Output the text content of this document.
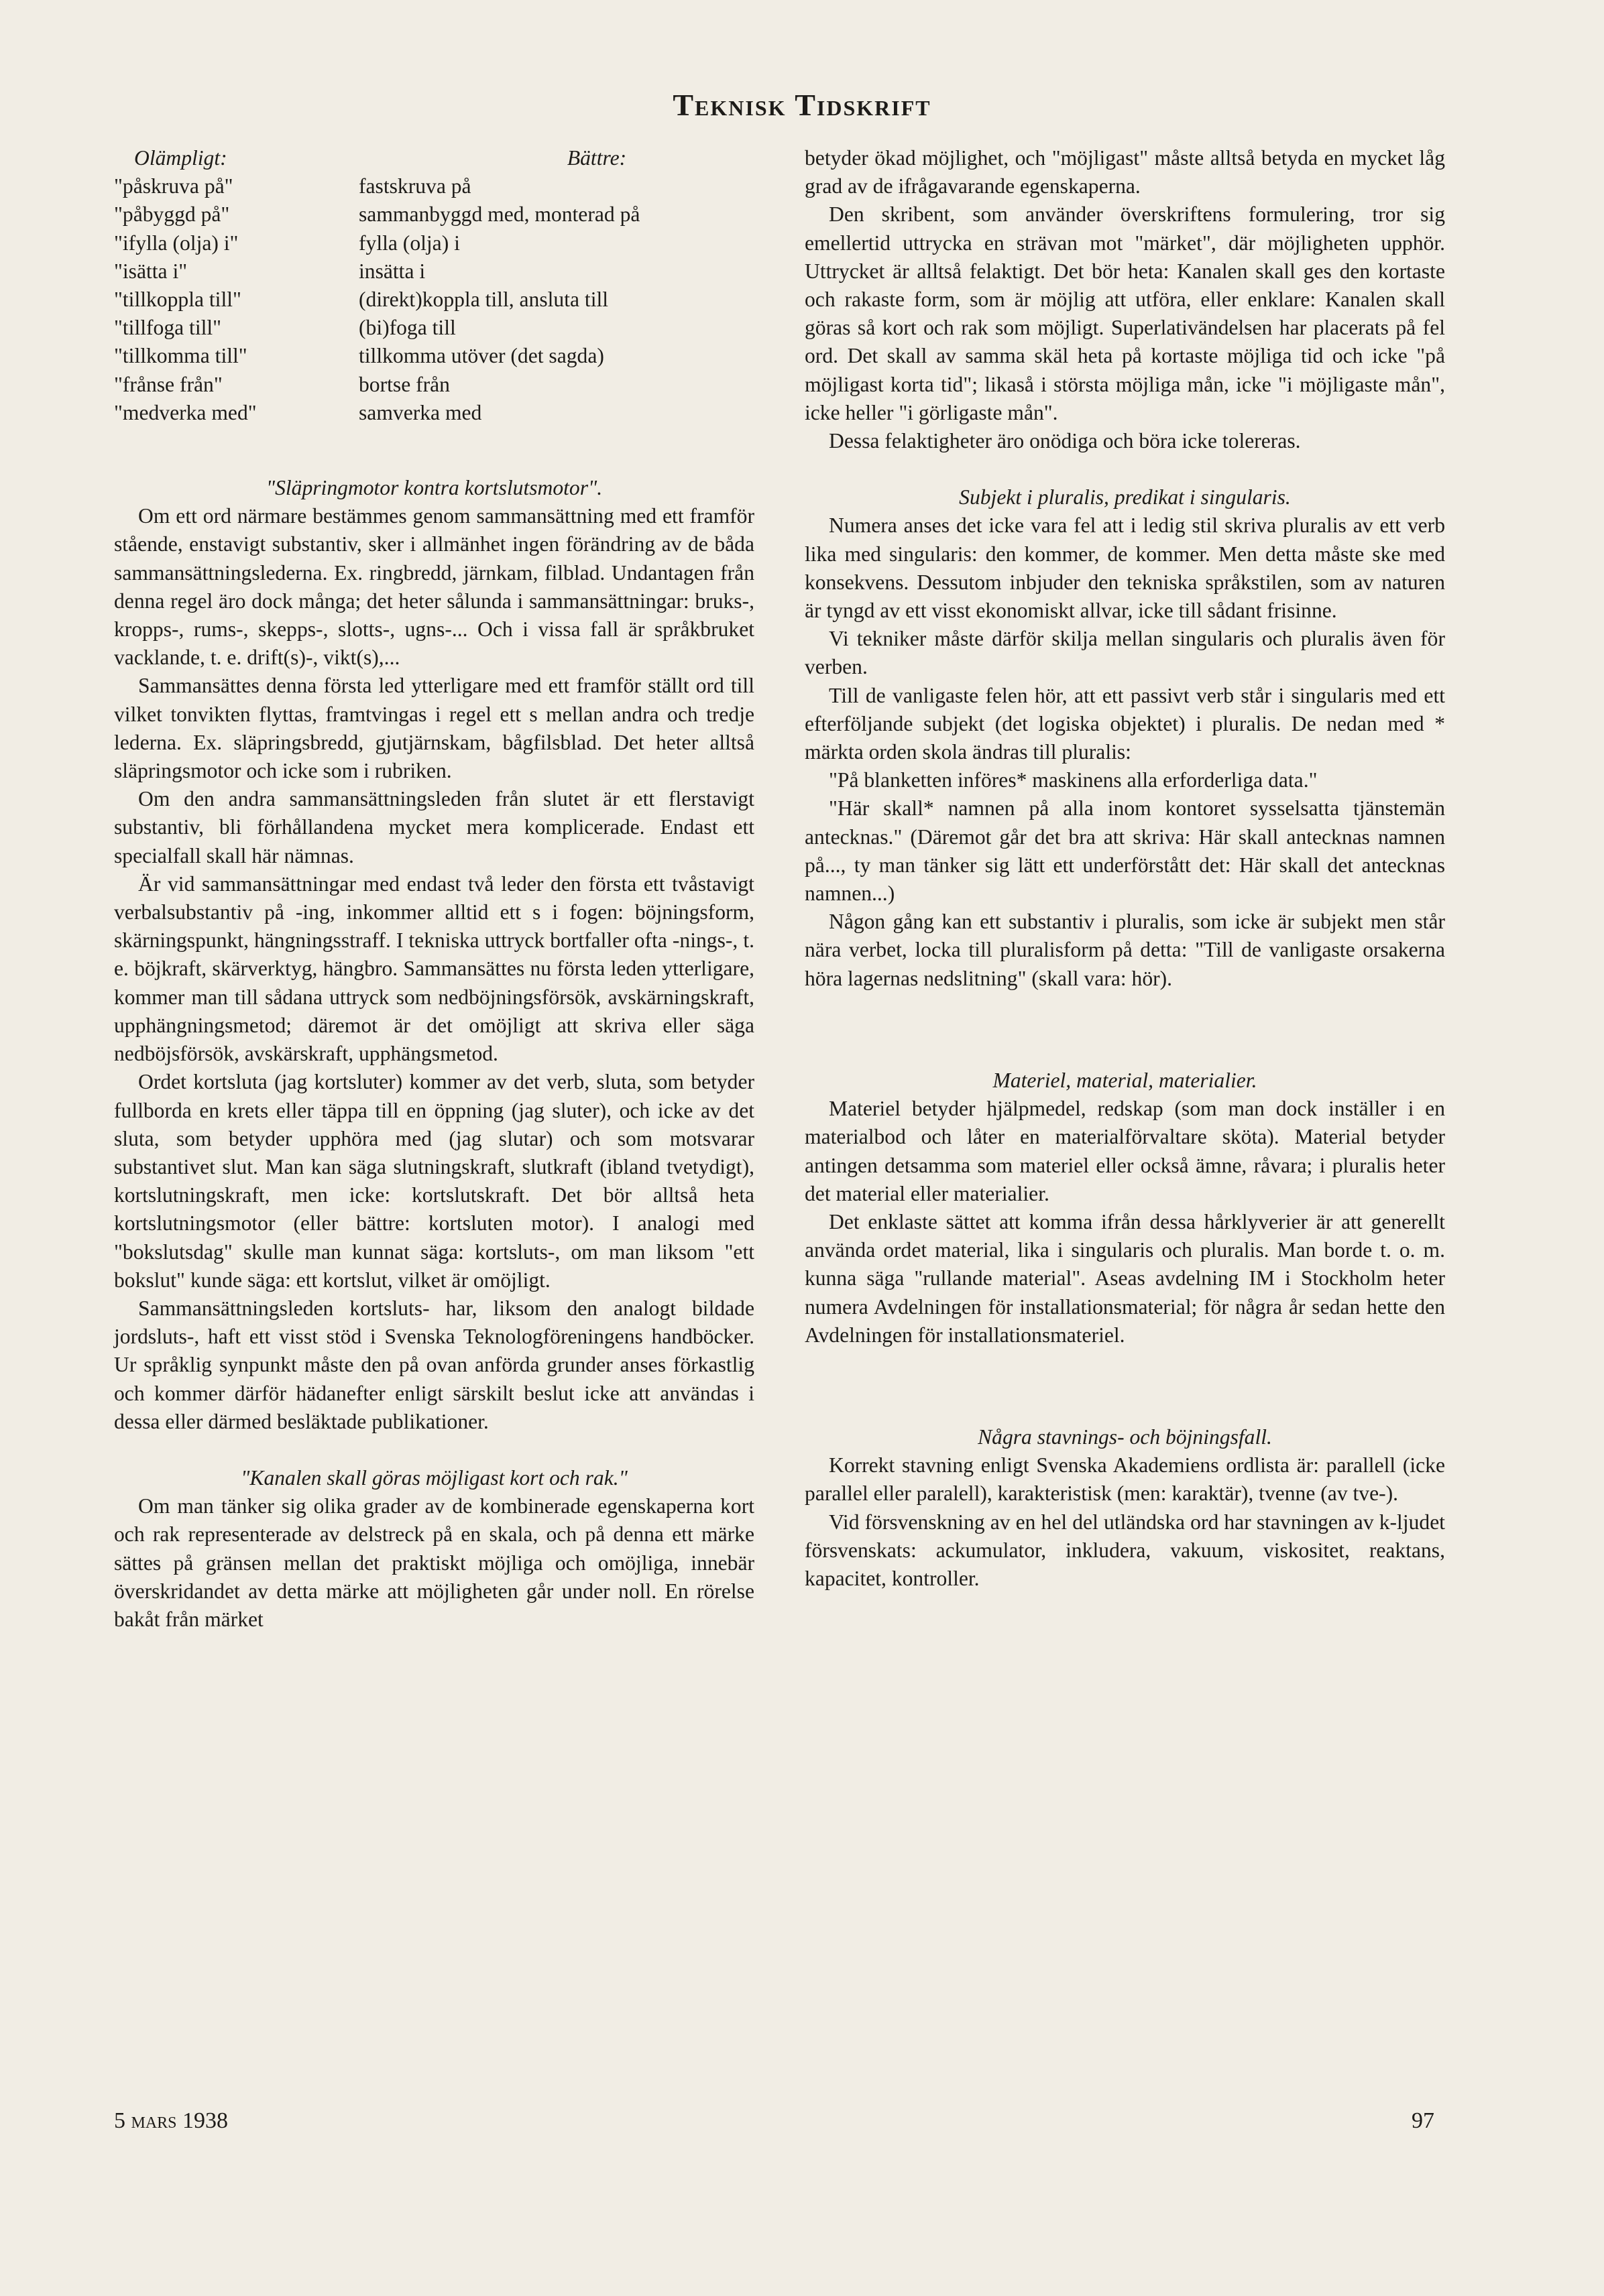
Teknisk Tidskrift
Olämpligt:	Bättre:
"påskruva på"	fastskruva på
"påbyggd på"	sammanbyggd med, monterad på
"ifylla (olja) i"	fylla (olja) i
"isätta i"	insätta i
"tillkoppla till"	(direkt)koppla till, ansluta till
"tillfoga till"	(bi)foga till
"tillkomma till"	tillkomma utöver (det sagda)
"frånse från"	bortse från
"medverka med"	samverka med

"Släpringmotor kontra kortslutsmotor".

Om ett ord närmare bestämmes genom sammansättning med ett framför stående, enstavigt substantiv, sker i allmänhet ingen förändring av de båda sammansättningslederna. Ex. ringbredd, järnkam, filblad. Undantagen från denna regel äro dock många; det heter sålunda i sammansättningar: bruks-, kropps-, rums-, skepps-, slotts-, ugns-... Och i vissa fall är språkbruket vacklande, t. e. drift(s)-, vikt(s),...

Sammansättes denna första led ytterligare med ett framför ställt ord till vilket tonvikten flyttas, framtvingas i regel ett s mellan andra och tredje lederna. Ex. släpringsbredd, gjutjärnskam, bågfilsblad. Det heter alltså släpringsmotor och icke som i rubriken.

Om den andra sammansättningsleden från slutet är ett flerstavigt substantiv, bli förhållandena mycket mera komplicerade. Endast ett specialfall skall här nämnas.

Är vid sammansättningar med endast två leder den första ett tvåstavigt verbalsubstantiv på -ing, inkommer alltid ett s i fogen: böjningsform, skärningspunkt, hängningsstraff. I tekniska uttryck bortfaller ofta -nings-, t. e. böjkraft, skärverktyg, hängbro. Sammansättes nu första leden ytterligare, kommer man till sådana uttryck som nedböjningsförsök, avskärningskraft, upphängningsmetod; däremot är det omöjligt att skriva eller säga nedböjsförsök, avskärskraft, upphängsmetod.

Ordet kortsluta (jag kortsluter) kommer av det verb, sluta, som betyder fullborda en krets eller täppa till en öppning (jag sluter), och icke av det sluta, som betyder upphöra med (jag slutar) och som motsvarar substantivet slut. Man kan säga slutningskraft, slutkraft (ibland tvetydigt), kortslutningskraft, men icke: kortslutskraft. Det bör alltså heta kortslutningsmotor (eller bättre: kortsluten motor). I analogi med "bokslutsdag" skulle man kunnat säga: kortsluts-, om man liksom "ett bokslut" kunde säga: ett kortslut, vilket är omöjligt.

Sammansättningsleden kortsluts- har, liksom den analogt bildade jordsluts-, haft ett visst stöd i Svenska Teknologföreningens handböcker. Ur språklig synpunkt måste den på ovan anförda grunder anses förkastlig och kommer därför hädanefter enligt särskilt beslut icke att användas i dessa eller därmed besläktade publikationer.

"Kanalen skall göras möjligast kort och rak."

Om man tänker sig olika grader av de kombinerade egenskaperna kort och rak representerade av delstreck på en skala, och på denna ett märke sättes på gränsen mellan det praktiskt möjliga och omöjliga, innebär överskridandet av detta märke att möjligheten går under noll. En rörelse bakåt från märket

betyder ökad möjlighet, och "möjligast" måste alltså betyda en mycket låg grad av de ifrågavarande egenskaperna.

Den skribent, som använder överskriftens formulering, tror sig emellertid uttrycka en strävan mot "märket", där möjligheten upphör. Uttrycket är alltså felaktigt. Det bör heta: Kanalen skall ges den kortaste och rakaste form, som är möjlig att utföra, eller enklare: Kanalen skall göras så kort och rak som möjligt. Superlativändelsen har placerats på fel ord. Det skall av samma skäl heta på kortaste möjliga tid och icke "på möjligast korta tid"; likaså i största möjliga mån, icke "i möjligaste mån", icke heller "i görligaste mån".

Dessa felaktigheter äro onödiga och böra icke tolereras.

Subjekt i pluralis, predikat i singularis.

Numera anses det icke vara fel att i ledig stil skriva pluralis av ett verb lika med singularis: den kommer, de kommer. Men detta måste ske med konsekvens. Dessutom inbjuder den tekniska språkstilen, som av naturen är tyngd av ett visst ekonomiskt allvar, icke till sådant frisinne.

Vi tekniker måste därför skilja mellan singularis och pluralis även för verben.

Till de vanligaste felen hör, att ett passivt verb står i singularis med ett efterföljande subjekt (det logiska objektet) i pluralis. De nedan med * märkta orden skola ändras till pluralis:

"På blanketten införes* maskinens alla erforderliga data."

"Här skall* namnen på alla inom kontoret sysselsatta tjänstemän antecknas." (Däremot går det bra att skriva: Här skall antecknas namnen på..., ty man tänker sig lätt ett underförstått det: Här skall det antecknas namnen...)

Någon gång kan ett substantiv i pluralis, som icke är subjekt men står nära verbet, locka till pluralisform på detta: "Till de vanligaste orsakerna höra lagernas nedslitning" (skall vara: hör).

Materiel, material, materialier.

Materiel betyder hjälpmedel, redskap (som man dock inställer i en materialbod och låter en materialförvaltare sköta). Material betyder antingen detsamma som materiel eller också ämne, råvara; i pluralis heter det material eller materialier.

Det enklaste sättet att komma ifrån dessa hårklyverier är att generellt använda ordet material, lika i singularis och pluralis. Man borde t. o. m. kunna säga "rullande material". Aseas avdelning IM i Stockholm heter numera Avdelningen för installationsmaterial; för några år sedan hette den Avdelningen för installationsmateriel.

Några stavnings- och böjningsfall.

Korrekt stavning enligt Svenska Akademiens ordlista är: parallell (icke parallel eller paralell), karakteristisk (men: karaktär), tvenne (av tve-).

Vid försvenskning av en hel del utländska ord har stavningen av k-ljudet försvenskats: ackumulator, inkludera, vakuum, viskositet, reaktans, kapacitet, kontroller.

5 mars 1938	97
